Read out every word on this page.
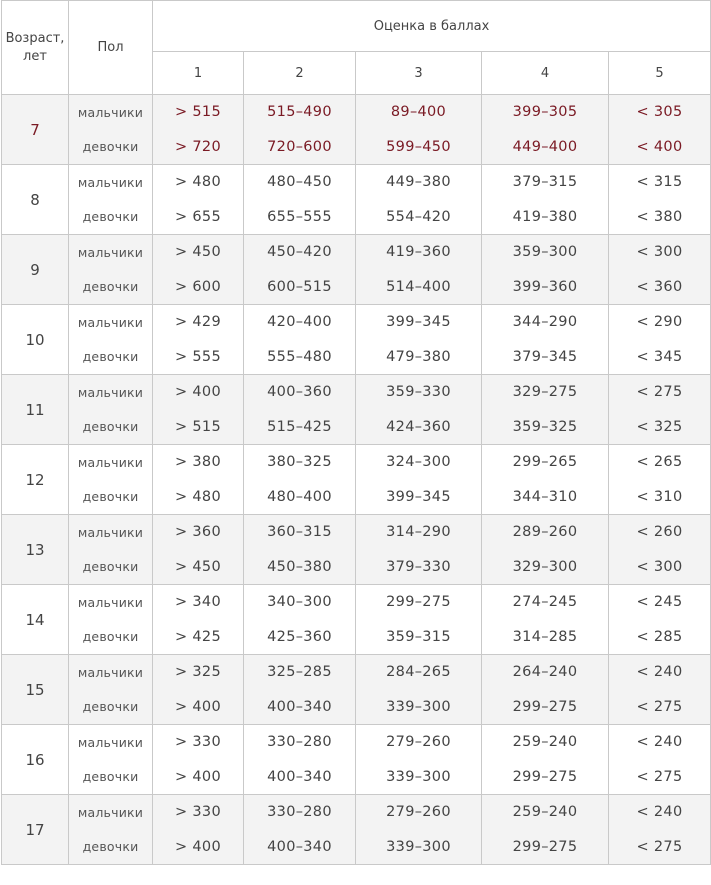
Возраст, лет	Пол	Оценка в баллах				
		1	2	3	4	5
7	мальчики	> 515	515–490	89–400	399–305	< 305
	девочки	> 720	720–600	599–450	449–400	< 400
8	мальчики	> 480	480–450	449–380	379–315	< 315
	девочки	> 655	655–555	554–420	419–380	< 380
9	мальчики	> 450	450–420	419–360	359–300	< 300
	девочки	> 600	600–515	514–400	399–360	< 360
10	мальчики	> 429	420–400	399–345	344–290	< 290
	девочки	> 555	555–480	479–380	379–345	< 345
11	мальчики	> 400	400–360	359–330	329–275	< 275
	девочки	> 515	515–425	424–360	359–325	< 325
12	мальчики	> 380	380–325	324–300	299–265	< 265
	девочки	> 480	480–400	399–345	344–310	< 310
13	мальчики	> 360	360–315	314–290	289–260	< 260
	девочки	> 450	450–380	379–330	329–300	< 300
14	мальчики	> 340	340–300	299–275	274–245	< 245
	девочки	> 425	425–360	359–315	314–285	< 285
15	мальчики	> 325	325–285	284–265	264–240	< 240
	девочки	> 400	400–340	339–300	299–275	< 275
16	мальчики	> 330	330–280	279–260	259–240	< 240
	девочки	> 400	400–340	339–300	299–275	< 275
17	мальчики	> 330	330–280	279–260	259–240	< 240
	девочки	> 400	400–340	339–300	299–275	< 275
